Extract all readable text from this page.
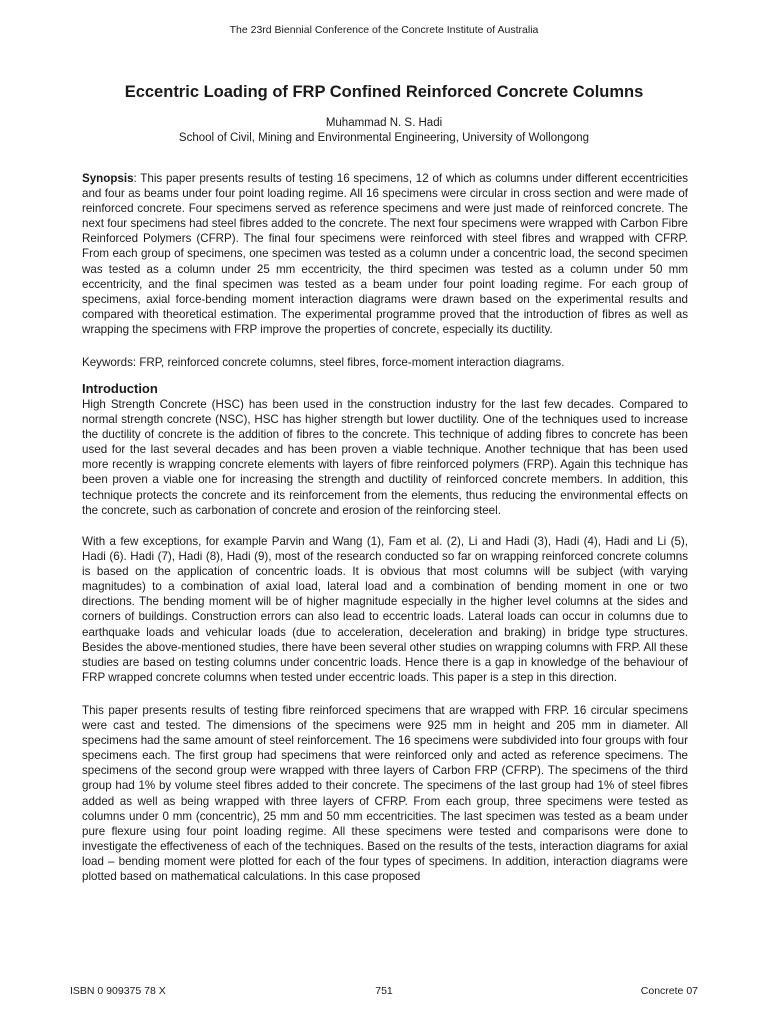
The 23rd Biennial Conference of the Concrete Institute of Australia
Eccentric Loading of FRP Confined Reinforced Concrete Columns
Muhammad N. S. Hadi
School of Civil, Mining and Environmental Engineering, University of Wollongong

Synopsis: This paper presents results of testing 16 specimens, 12 of which as columns under different eccentricities and four as beams under four point loading regime. All 16 specimens were circular in cross section and were made of reinforced concrete. Four specimens served as reference specimens and were just made of reinforced concrete. The next four specimens had steel fibres added to the concrete. The next four specimens were wrapped with Carbon Fibre Reinforced Polymers (CFRP). The final four specimens were reinforced with steel fibres and wrapped with CFRP. From each group of specimens, one specimen was tested as a column under a concentric load, the second specimen was tested as a column under 25 mm eccentricity, the third specimen was tested as a column under 50 mm eccentricity, and the final specimen was tested as a beam under four point loading regime. For each group of specimens, axial force-bending moment interaction diagrams were drawn based on the experimental results and compared with theoretical estimation. The experimental programme proved that the introduction of fibres as well as wrapping the specimens with FRP improve the properties of concrete, especially its ductility.

Keywords: FRP, reinforced concrete columns, steel fibres, force-moment interaction diagrams.

Introduction

High Strength Concrete (HSC) has been used in the construction industry for the last few decades. Compared to normal strength concrete (NSC), HSC has higher strength but lower ductility. One of the techniques used to increase the ductility of concrete is the addition of fibres to the concrete. This technique of adding fibres to concrete has been used for the last several decades and has been proven a viable technique. Another technique that has been used more recently is wrapping concrete elements with layers of fibre reinforced polymers (FRP). Again this technique has been proven a viable one for increasing the strength and ductility of reinforced concrete members. In addition, this technique protects the concrete and its reinforcement from the elements, thus reducing the environmental effects on the concrete, such as carbonation of concrete and erosion of the reinforcing steel.

With a few exceptions, for example Parvin and Wang (1), Fam et al. (2), Li and Hadi (3), Hadi (4), Hadi and Li (5), Hadi (6). Hadi (7), Hadi (8), Hadi (9), most of the research conducted so far on wrapping reinforced concrete columns is based on the application of concentric loads. It is obvious that most columns will be subject (with varying magnitudes) to a combination of axial load, lateral load and a combination of bending moment in one or two directions. The bending moment will be of higher magnitude especially in the higher level columns at the sides and corners of buildings. Construction errors can also lead to eccentric loads. Lateral loads can occur in columns due to earthquake loads and vehicular loads (due to acceleration, deceleration and braking) in bridge type structures. Besides the above-mentioned studies, there have been several other studies on wrapping columns with FRP. All these studies are based on testing columns under concentric loads. Hence there is a gap in knowledge of the behaviour of FRP wrapped concrete columns when tested under eccentric loads. This paper is a step in this direction.

This paper presents results of testing fibre reinforced specimens that are wrapped with FRP. 16 circular specimens were cast and tested. The dimensions of the specimens were 925 mm in height and 205 mm in diameter. All specimens had the same amount of steel reinforcement. The 16 specimens were subdivided into four groups with four specimens each. The first group had specimens that were reinforced only and acted as reference specimens. The specimens of the second group were wrapped with three layers of Carbon FRP (CFRP). The specimens of the third group had 1% by volume steel fibres added to their concrete. The specimens of the last group had 1% of steel fibres added as well as being wrapped with three layers of CFRP. From each group, three specimens were tested as columns under 0 mm (concentric), 25 mm and 50 mm eccentricities. The last specimen was tested as a beam under pure flexure using four point loading regime. All these specimens were tested and comparisons were done to investigate the effectiveness of each of the techniques. Based on the results of the tests, interaction diagrams for axial load – bending moment were plotted for each of the four types of specimens. In addition, interaction diagrams were plotted based on mathematical calculations. In this case proposed

ISBN 0 909375 78 X	751	Concrete 07
